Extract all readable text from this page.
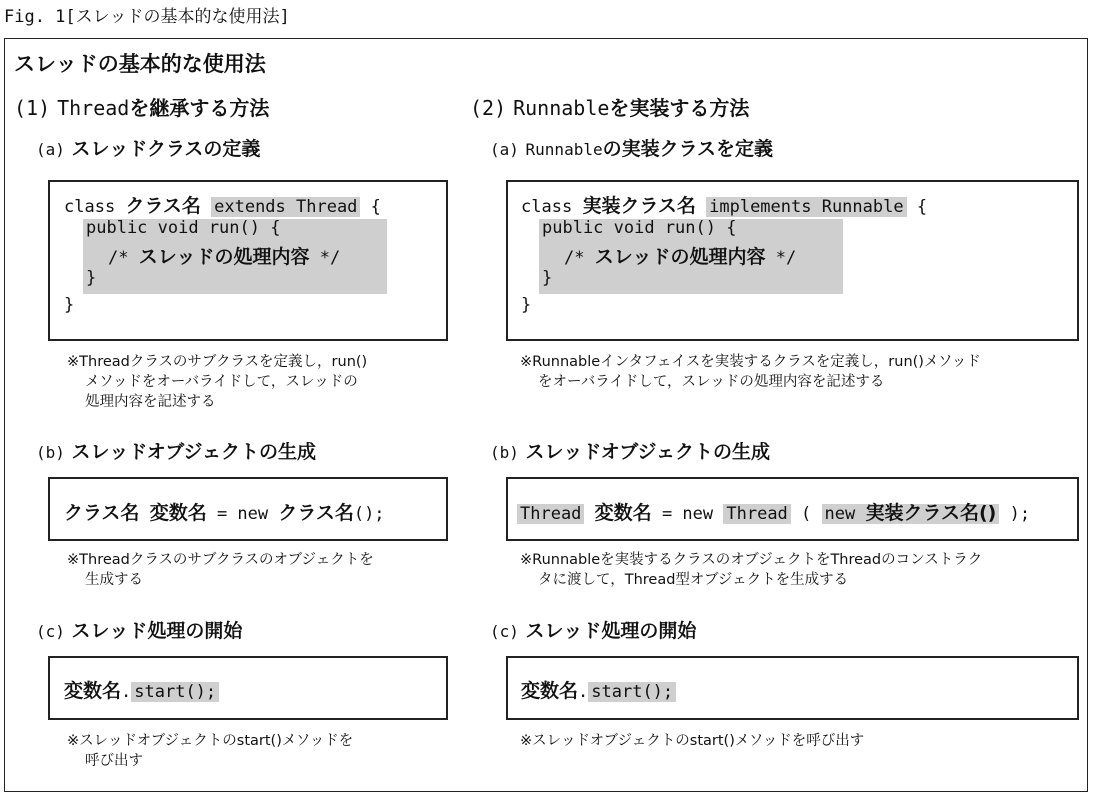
Fig. 1[スレッドの基本的な使用法]
スレッドの基本的な使用法
(1) Threadを継承する方法
(a) スレッドクラスの定義
class クラス名 extends Thread {
public void run() {
/* スレッドの処理内容 */
}
}
※Threadクラスのサブクラスを定義し，run()
メソッドをオーバライドして，スレッドの
処理内容を記述する
(b) スレッドオブジェクトの生成
クラス名 変数名 = new クラス名();
※Threadクラスのサブクラスのオブジェクトを
生成する
(c) スレッド処理の開始
変数名. start();
※スレッドオブジェクトのstart()メソッドを
呼び出す
(2) Runnableを実装する方法
(a) Runnableの実装クラスを定義
class 実装クラス名 implements Runnable {
public void run() {
/* スレッドの処理内容 */
}
}
※Runnableインタフェイスを実装するクラスを定義し，run()メソッド
をオーバライドして，スレッドの処理内容を記述する
(b) スレッドオブジェクトの生成
Thread 変数名 = new Thread ( new 実装クラス名() );
※Runnableを実装するクラスのオブジェクトをThreadのコンストラク
タに渡して，Thread型オブジェクトを生成する
(c) スレッド処理の開始
変数名. start();
※スレッドオブジェクトのstart()メソッドを呼び出す
